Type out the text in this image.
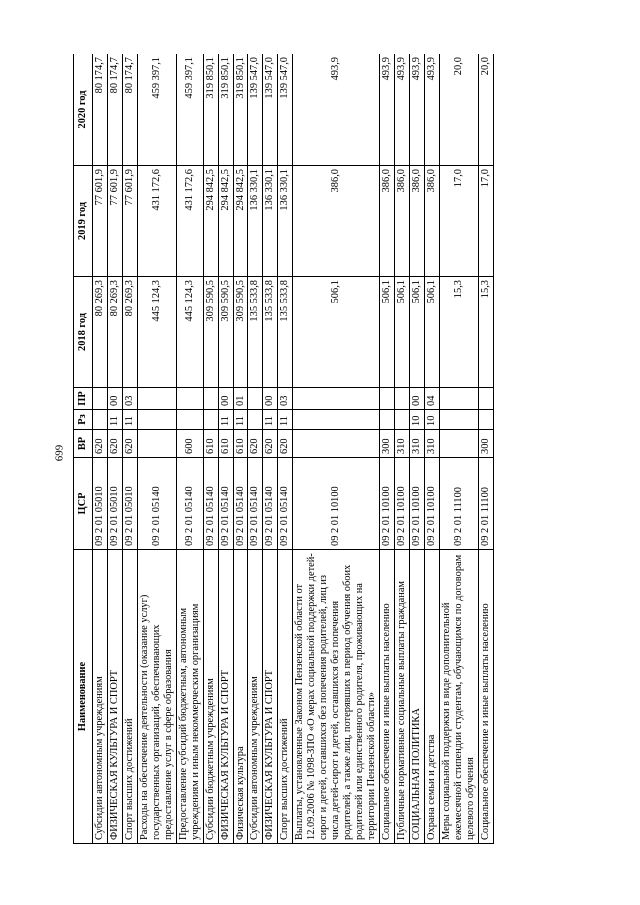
699
Наименование	ЦСР	ВР	Рз	ПР	2018 год	2019 год	2020 год
Субсидии автономным учреждениям	09 2 01 05010	620			80 269,3	77 601,9	80 174,7
ФИЗИЧЕСКАЯ КУЛЬТУРА И СПОРТ	09 2 01 05010	620	11	00	80 269,3	77 601,9	80 174,7
Спорт высших достижений	09 2 01 05010	620	11	03	80 269,3	77 601,9	80 174,7
Расходы на обеспечение деятельности (оказание услуг) государственных организаций, обеспечивающих предоставление услуг в сфере образования	09 2 01 05140				445 124,3	431 172,6	459 397,1
Предоставление субсидий бюджетным, автономным учреждениям и иным некоммерческим организациям	09 2 01 05140	600			445 124,3	431 172,6	459 397,1
Субсидии бюджетным учреждениям	09 2 01 05140	610			309 590,5	294 842,5	319 850,1
ФИЗИЧЕСКАЯ КУЛЬТУРА И СПОРТ	09 2 01 05140	610	11	00	309 590,5	294 842,5	319 850,1
Физическая культура	09 2 01 05140	610	11	01	309 590,5	294 842,5	319 850,1
Субсидии автономным учреждениям	09 2 01 05140	620			135 533,8	136 330,1	139 547,0
ФИЗИЧЕСКАЯ КУЛЬТУРА И СПОРТ	09 2 01 05140	620	11	00	135 533,8	136 330,1	139 547,0
Спорт высших достижений	09 2 01 05140	620	11	03	135 533,8	136 330,1	139 547,0
Выплаты, установленные Законом Пензенской области от 12.09.2006 № 1098-ЗПО «О мерах социальной поддержки детей-сирот и детей, оставшихся без попечения родителей, лиц из числа детей-сирот и детей, оставшихся без попечения родителей, а также лиц, потерявших в период обучения обоих родителей или единственного родителя, проживающих на территории Пензенской области»	09 2 01 10100				506,1	386,0	493,9
Социальное обеспечение и иные выплаты населению	09 2 01 10100	300			506,1	386,0	493,9
Публичные нормативные социальные выплаты гражданам	09 2 01 10100	310			506,1	386,0	493,9
СОЦИАЛЬНАЯ ПОЛИТИКА	09 2 01 10100	310	10	00	506,1	386,0	493,9
Охрана семьи и детства	09 2 01 10100	310	10	04	506,1	386,0	493,9
Меры социальной поддержки в виде дополнительной ежемесячной стипендии студентам, обучающимся по договорам целевого обучения	09 2 01 11100				15,3	17,0	20,0
Социальное обеспечение и иные выплаты населению	09 2 01 11100	300			15,3	17,0	20,0
